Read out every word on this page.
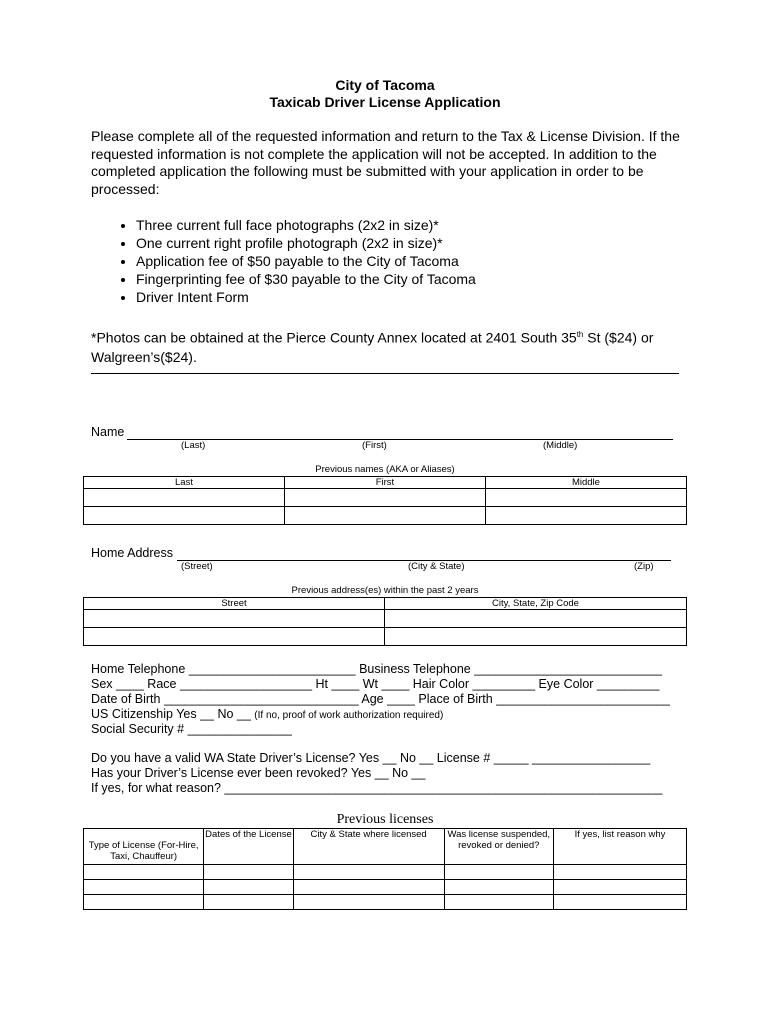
City of Tacoma
Taxicab Driver License Application
Please complete all of the requested information and return to the Tax & License Division. If the requested information is not complete the application will not be accepted. In addition to the completed application the following must be submitted with your application in order to be processed:
• Three current full face photographs (2x2 in size)*
• One current right profile photograph (2x2 in size)*
• Application fee of $50 payable to the City of Tacoma
• Fingerprinting fee of $30 payable to the City of Tacoma
• Driver Intent Form
*Photos can be obtained at the Pierce County Annex located at 2401 South 35th St ($24) or Walgreen’s($24).
Name
(Last)	(First)	(Middle)
Previous names (AKA or Aliases)
Last	First	Middle

Home Address
(Street)	(City & State)	(Zip)
Previous address(es) within the past 2 years
Street	City, State, Zip Code

Home Telephone ________________________ Business Telephone ___________________________
Sex ____ Race ___________________ Ht ____ Wt ____ Hair Color _________ Eye Color _________
Date of Birth ____________________________ Age ____ Place of Birth _________________________
US Citizenship Yes __ No __ (If no, proof of work authorization required)
Social Security # _______________
Do you have a valid WA State Driver’s License? Yes __ No __ License # _____ _________________
Has your Driver’s License ever been revoked? Yes __ No __
If yes, for what reason? _______________________________________________________________
Previous licenses
Type of License (For-Hire, Taxi, Chauffeur)	Dates of the License	City & State where licensed	Was license suspended, revoked or denied?	If yes, list reason why
